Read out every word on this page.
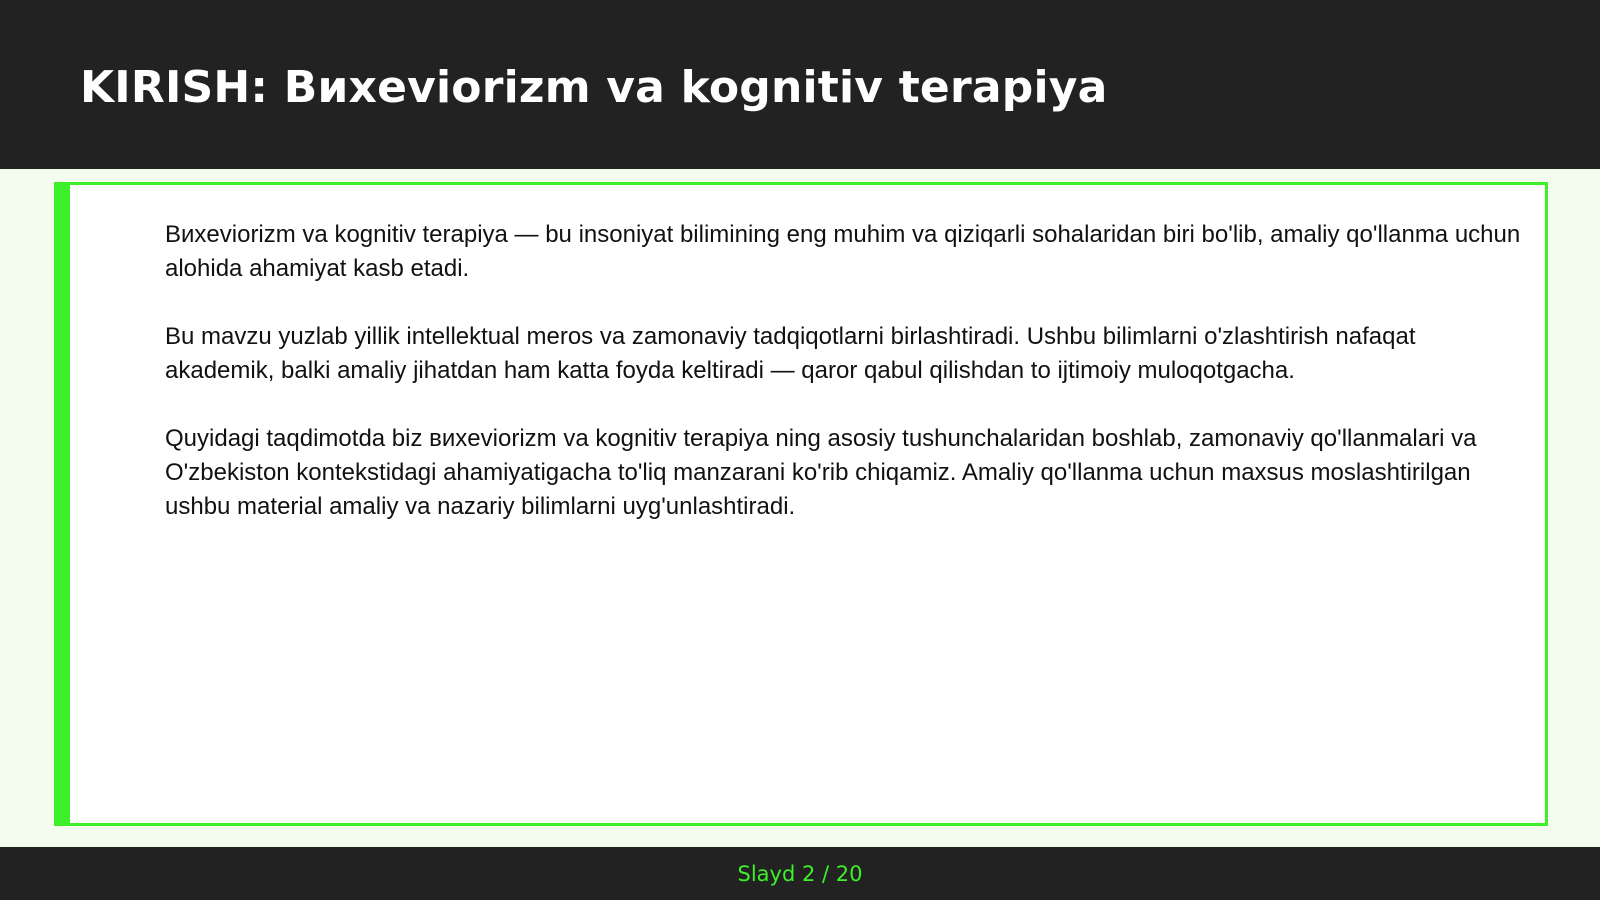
KIRISH: Виxeviorizm va kognitiv terapiya

Виxeviorizm va kognitiv terapiya — bu insoniyat bilimining eng muhim va qiziqarli sohalaridan biri bo'lib, amaliy qo'llanma uchun alohida ahamiyat kasb etadi.

Bu mavzu yuzlab yillik intellektual meros va zamonaviy tadqiqotlarni birlashtiradi. Ushbu bilimlarni o'zlashtirish nafaqat akademik, balki amaliy jihatdan ham katta foyda keltiradi — qaror qabul qilishdan to ijtimoiy muloqotgacha.

Quyidagi taqdimotda biz виxeviorizm va kognitiv terapiya ning asosiy tushunchalaridan boshlab, zamonaviy qo'llanmalari va O'zbekiston kontekstidagi ahamiyatigacha to'liq manzarani ko'rib chiqamiz. Amaliy qo'llanma uchun maxsus moslashtirilgan ushbu material amaliy va nazariy bilimlarni uyg'unlashtiradi.

Slayd 2 / 20
